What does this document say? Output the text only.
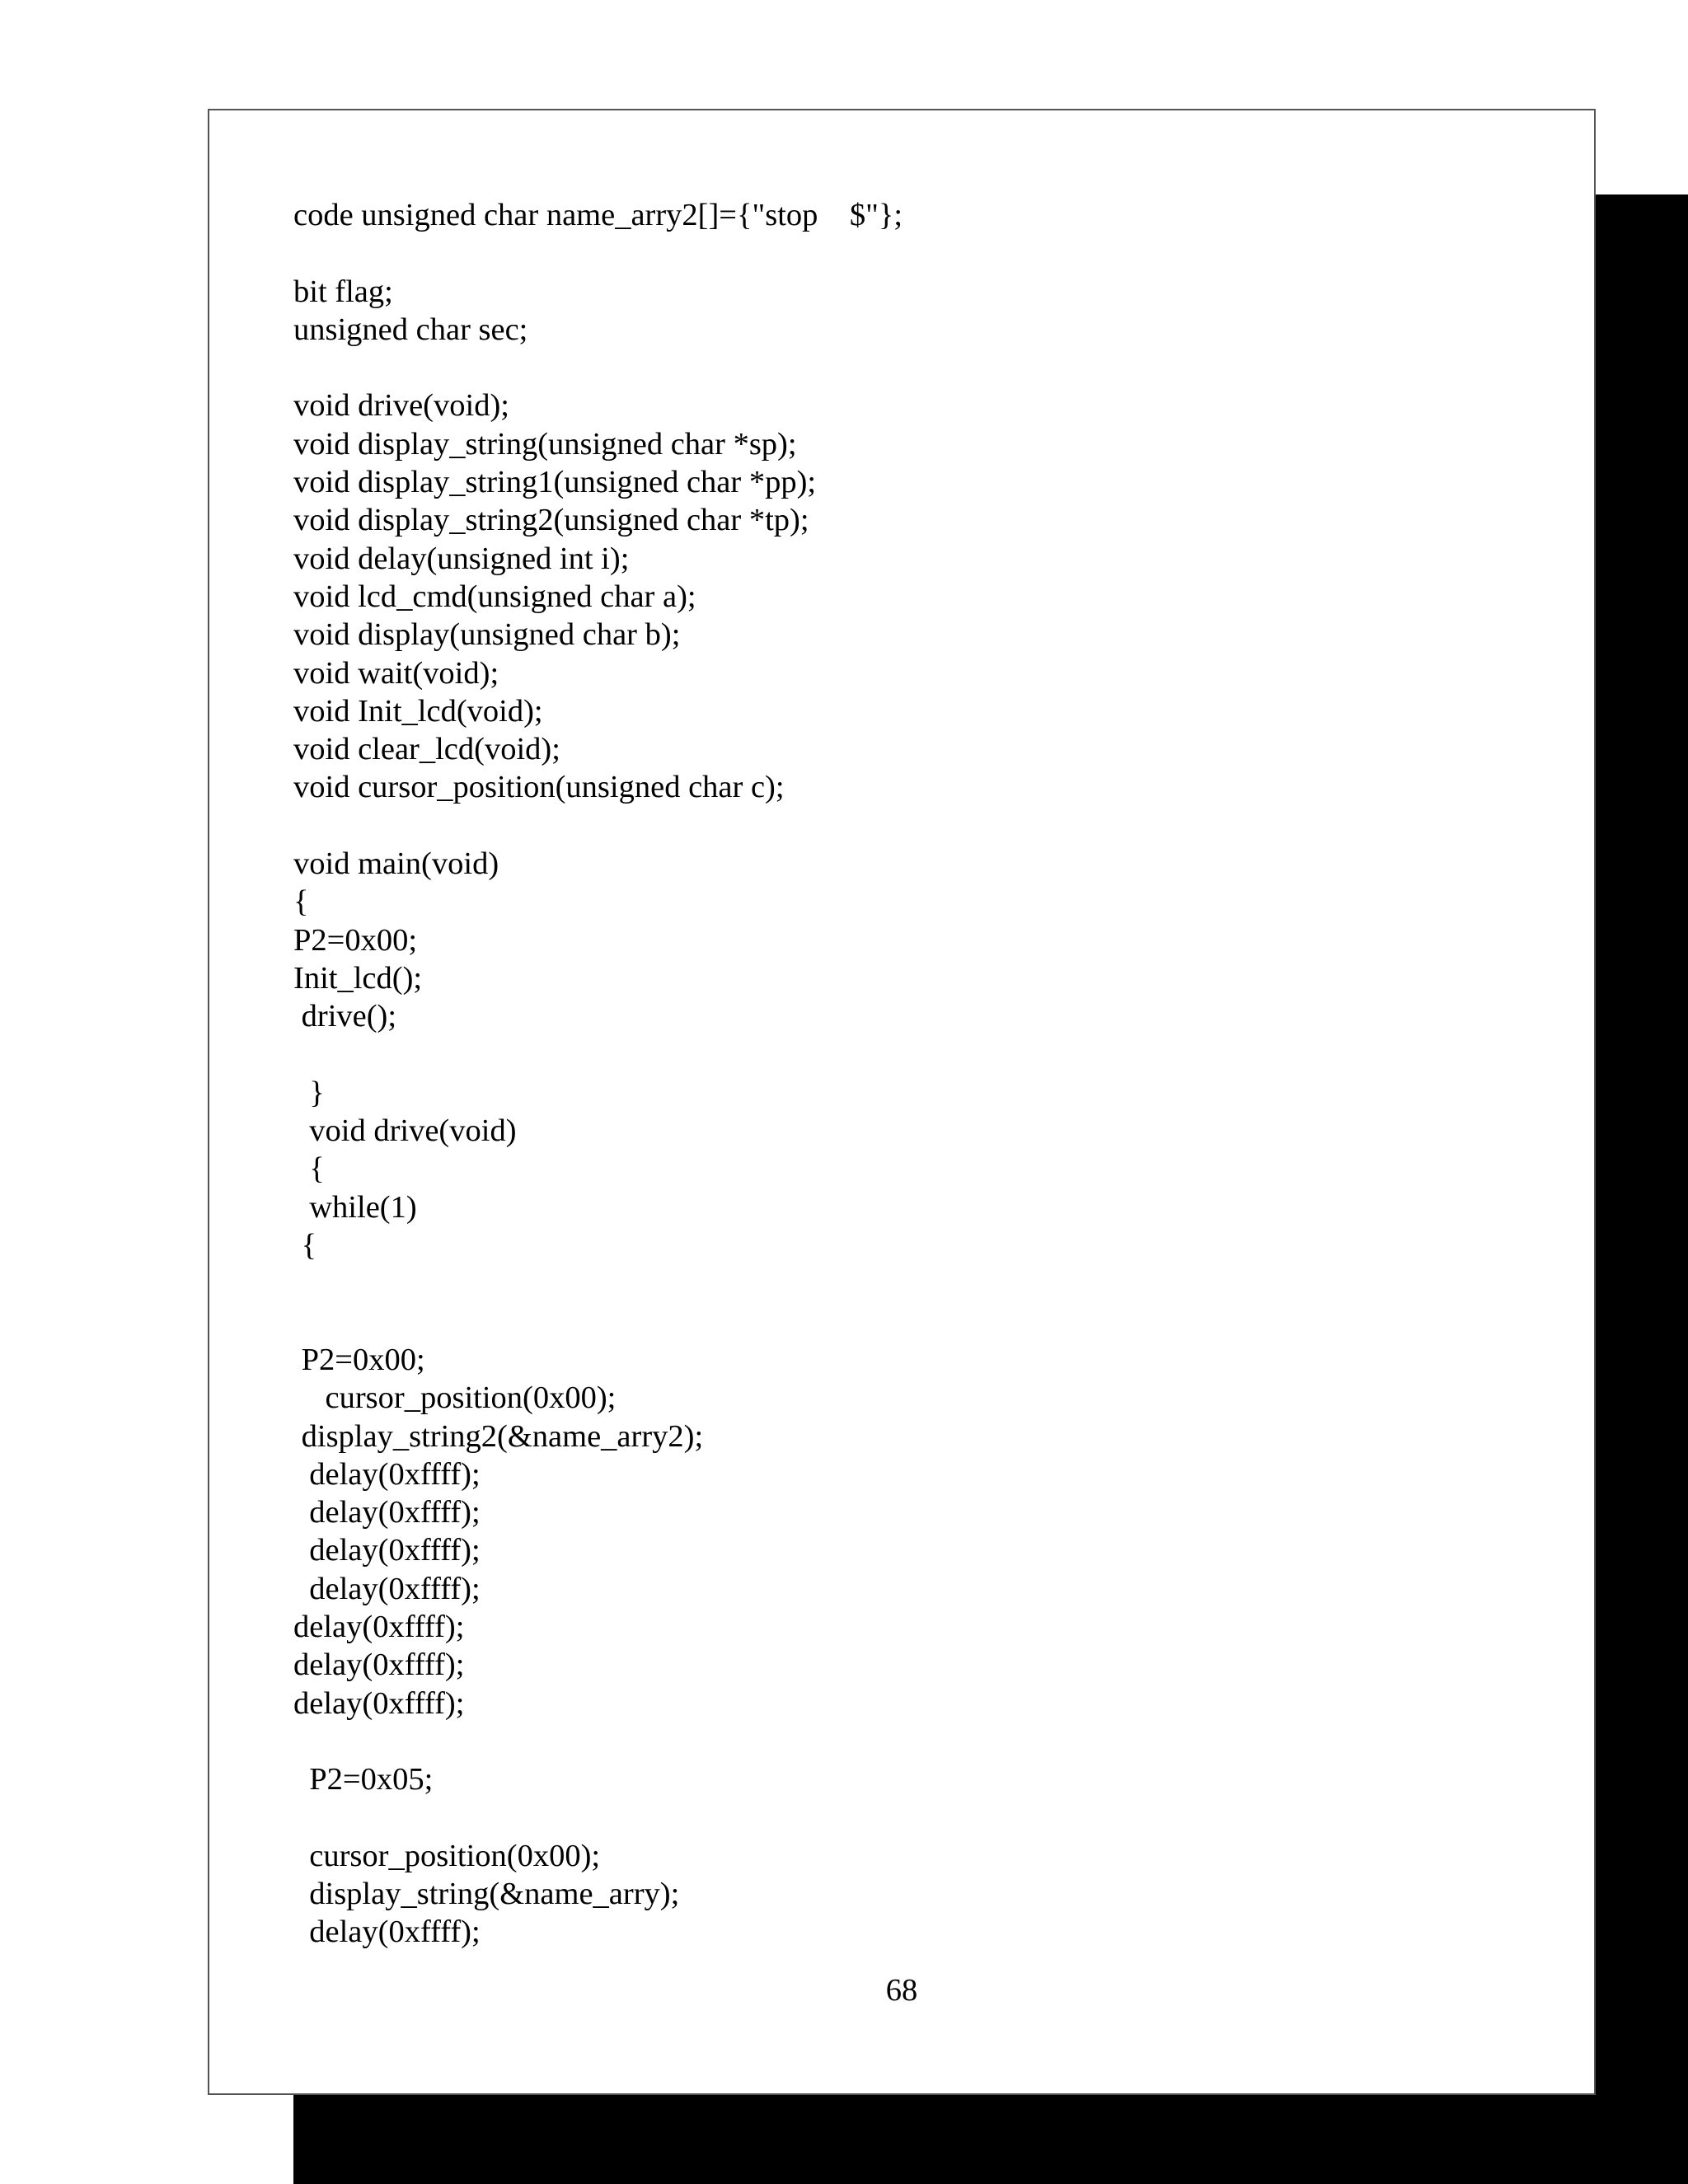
code unsigned char name_arry2[]={"stop    $"};

bit flag;
unsigned char sec;

void drive(void);
void display_string(unsigned char *sp);
void display_string1(unsigned char *pp);
void display_string2(unsigned char *tp);
void delay(unsigned int i);
void lcd_cmd(unsigned char a);
void display(unsigned char b);
void wait(void);
void Init_lcd(void);
void clear_lcd(void);
void cursor_position(unsigned char c);

void main(void)
{
P2=0x00;
Init_lcd();
drive();

}
void drive(void)
{
while(1)
{

P2=0x00;
cursor_position(0x00);
display_string2(&name_arry2);
delay(0xffff);
delay(0xffff);
delay(0xffff);
delay(0xffff);
delay(0xffff);
delay(0xffff);
delay(0xffff);

P2=0x05;

cursor_position(0x00);
display_string(&name_arry);
delay(0xffff);
68
